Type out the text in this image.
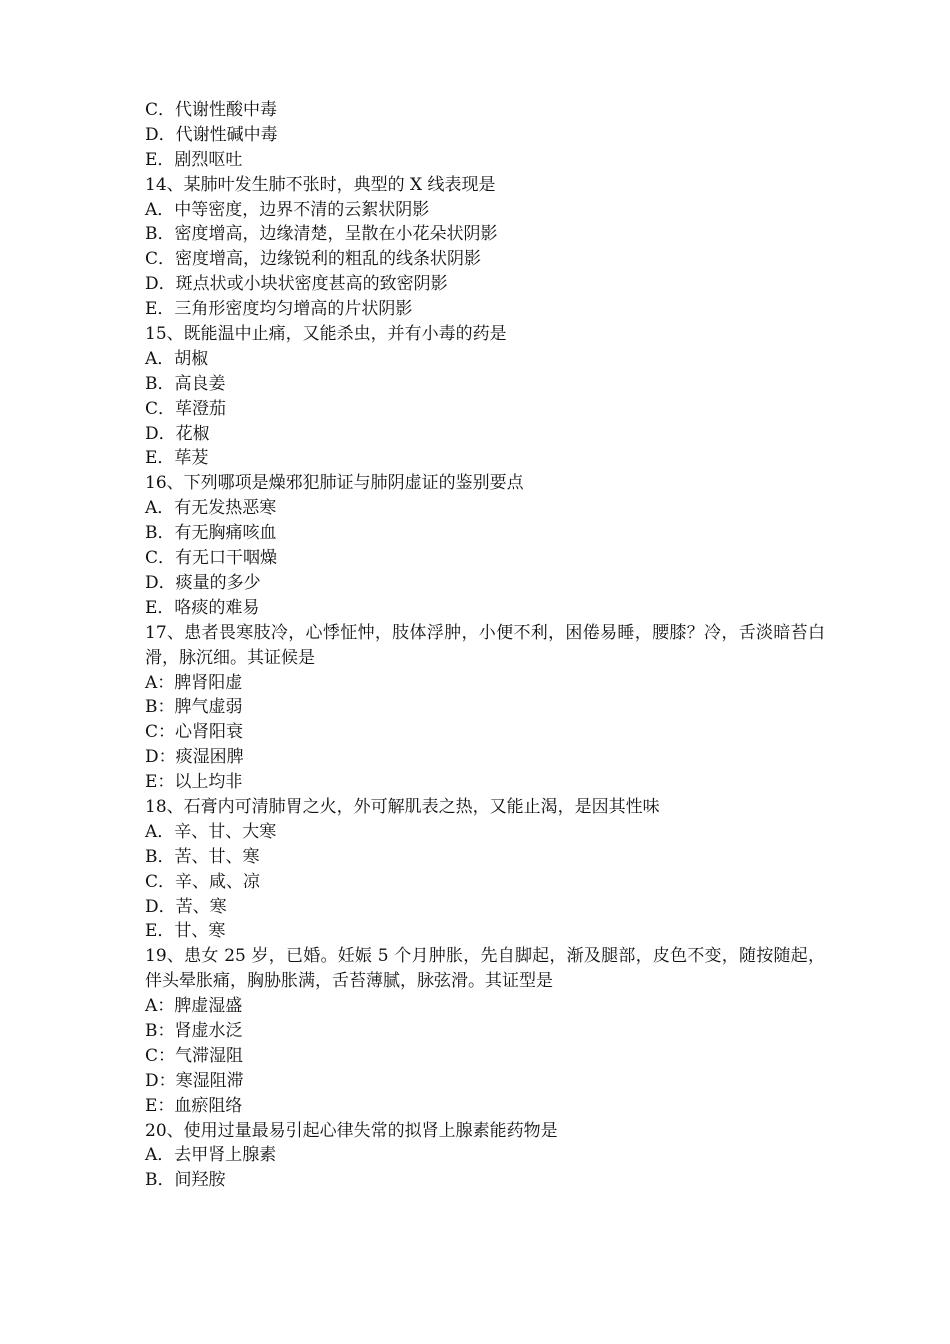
C．代谢性酸中毒
D．代谢性碱中毒
E．剧烈呕吐
14、某肺叶发生肺不张时，典型的 X 线表现是
A．中等密度，边界不清的云絮状阴影
B．密度增高，边缘清楚，呈散在小花朵状阴影
C．密度增高，边缘锐利的粗乱的线条状阴影
D．斑点状或小块状密度甚高的致密阴影
E．三角形密度均匀增高的片状阴影
15、既能温中止痛，又能杀虫，并有小毒的药是
A．胡椒
B．高良姜
C．荜澄茄
D．花椒
E．荜茇
16、下列哪项是燥邪犯肺证与肺阴虚证的鉴别要点
A．有无发热恶寒
B．有无胸痛咳血
C．有无口干咽燥
D．痰量的多少
E．咯痰的难易
17、患者畏寒肢冷，心悸怔忡，肢体浮肿，小便不利，困倦易睡，腰膝？冷，舌淡暗苔白滑，脉沉细。其证候是
A：脾肾阳虚
B：脾气虚弱
C：心肾阳衰
D：痰湿困脾
E：以上均非
18、石膏内可清肺胃之火，外可解肌表之热，又能止渴，是因其性味
A．辛、甘、大寒
B．苦、甘、寒
C．辛、咸、凉
D．苦、寒
E．甘、寒
19、患女 25 岁，已婚。妊娠 5 个月肿胀，先自脚起，渐及腿部，皮色不变，随按随起，伴头晕胀痛，胸胁胀满，舌苔薄腻，脉弦滑。其证型是
A：脾虚湿盛
B：肾虚水泛
C：气滞湿阻
D：寒湿阻滞
E：血瘀阻络
20、使用过量最易引起心律失常的拟肾上腺素能药物是
A．去甲肾上腺素
B．间羟胺
